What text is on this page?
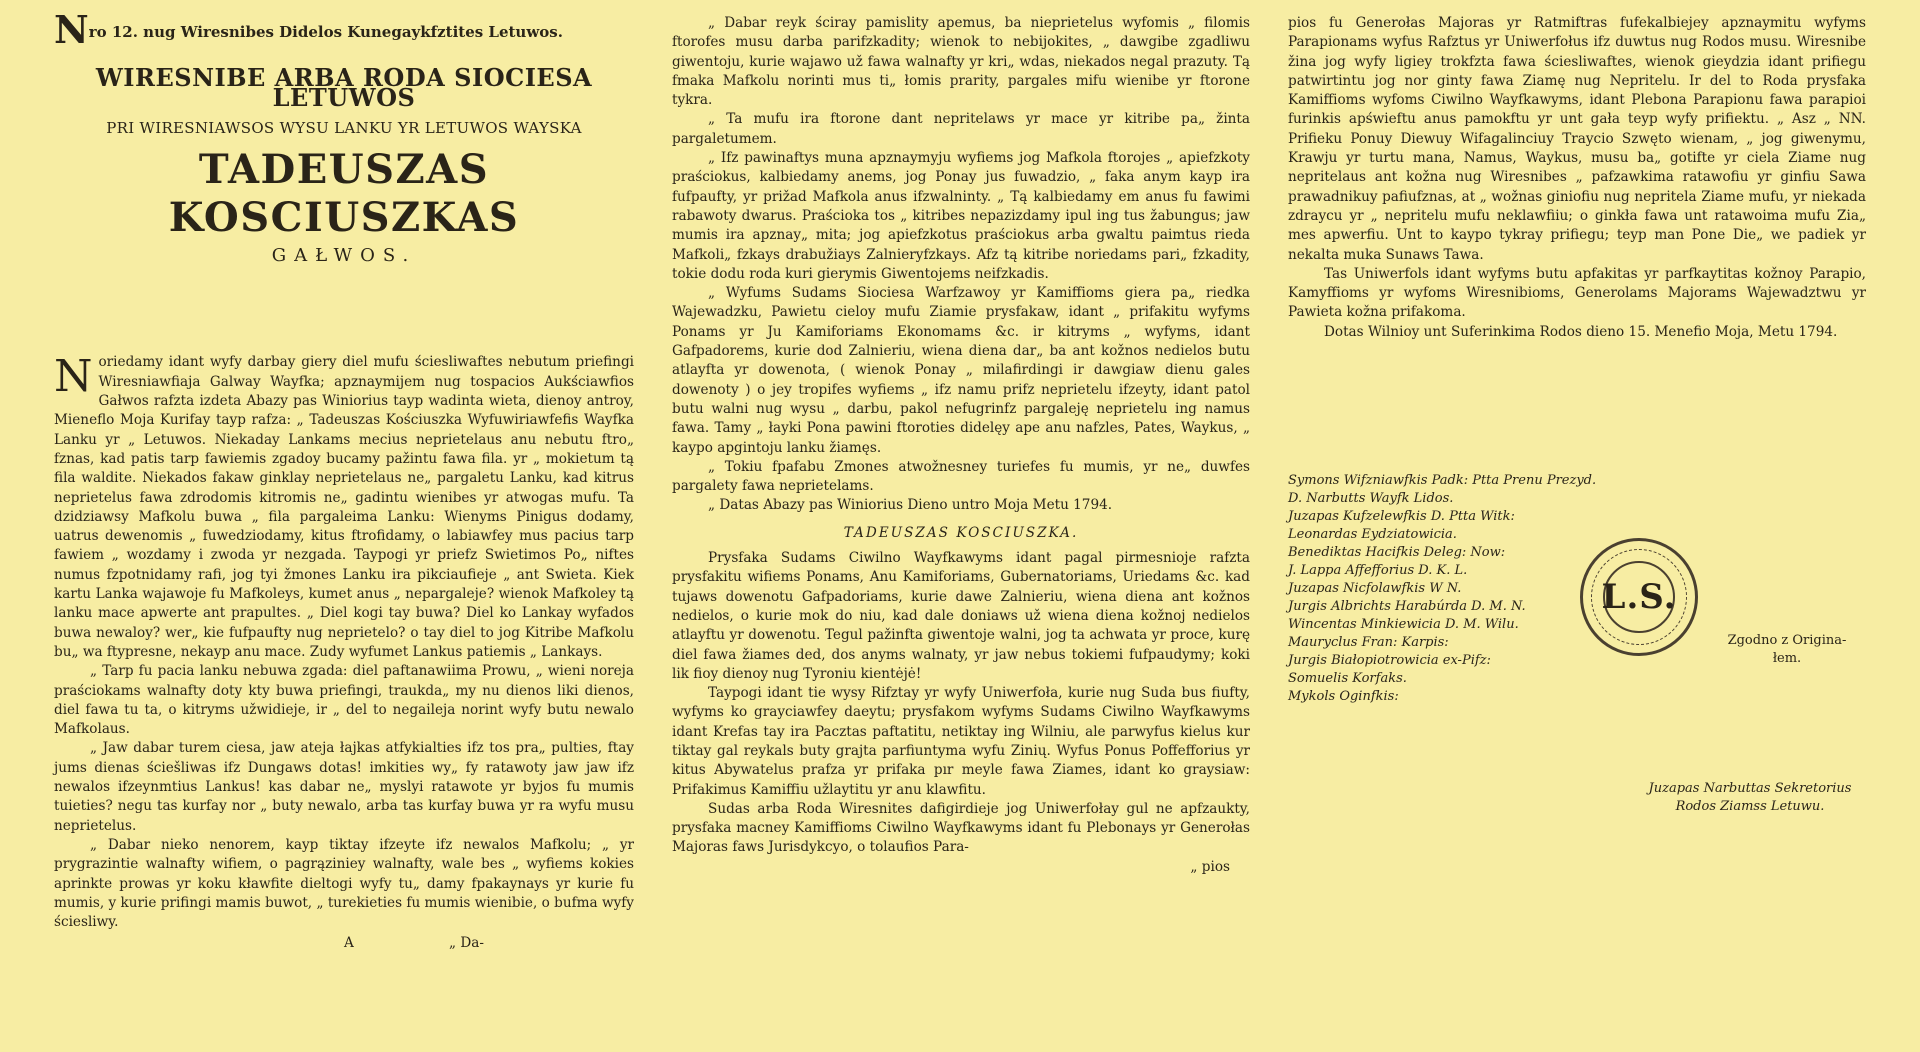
Nro 12. nug Wiresnibes Didelos Kunegaykfztites Letuwos.
WIRESNIBE ARBA RODA SIOCIESA LETUWOS
PRI WIRESNIAWSOS WYSU LANKU YR LETUWOS WAYSKA
TADEUSZAS KOSCIUSZKAS
GAŁWOS.
N oriedamy idant wyfy darbay giery diel mufu ściesliwaftes nebutum priefingi Wiresniawfiaja Galway Wayfka; apznaymijem nug tospacios Aukściawfios Gałwos rafzta izdeta Abazy pas Winiorius tayp wadinta wieta, dienoy antroy, Mieneflo Moja Kurifay tayp rafza: „ Tadeuszas Kościuszka Wyfuwiriawfefis Wayfka Lanku yr „ Letuwos. Niekaday Lankams mecius neprietelaus anu nebutu ftro„ fznas, kad patis tarp fawiemis zgadoy bucamy pažintu fawa fila. yr „ mokietum tą fila waldite. Niekados fakaw ginklay neprietelaus ne„ pargaletu Lanku, kad kitrus neprietelus fawa zdrodomis kitromis ne„ gadintu wienibes yr atwogas mufu. Ta dzidziawsy Mafkolu buwa „ fila pargaleima Lanku: Wienyms Pinigus dodamy, uatrus dewenomis „ fuwedziodamy, kitus ftrofidamy, o labiawfey mus pacius tarp fawiem „ wozdamy i zwoda yr nezgada. Taypogi yr priefz Swietimos Po„ niftes numus fzpotnidamy rafi, jog tyi žmones Lanku ira pikciaufieje „ ant Swieta. Kiek kartu Lanka wajawoje fu Mafkoleys, kumet anus „ nepargaleje? wienok Mafkoley tą lanku mace apwerte ant prapultes. „ Diel kogi tay buwa? Diel ko Lankay wyfados buwa newaloy? wer„ kie fufpaufty nug neprietelo? o tay diel to jog Kitribe Mafkolu bu„ wa ftypresne, nekayp anu mace. Zudy wyfumet Lankus patiemis „ Lankays.

„ Tarp fu pacia lanku nebuwa zgada: diel paftanawiima Prowu, „ wieni noreja praściokams walnafty doty kty buwa priefingi, traukda„ my nu dienos liki dienos, diel fawa tu ta, o kitryms užwidieje, ir „ del to negaileja norint wyfy butu newalo Mafkolaus.

„ Jaw dabar turem ciesa, jaw ateja łajkas atfykialties ifz tos pra„ pulties, ftay jums dienas ściešliwas ifz Dungaws dotas! imkities wy„ fy ratawoty jaw jaw ifz newalos ifzeynmtius Lankus! kas dabar ne„ myslyi ratawote yr byjos fu mumis tuieties? negu tas kurfay nor „ buty newalo, arba tas kurfay buwa yr ra wyfu musu neprietelus.

„ Dabar nieko nenorem, kayp tiktay ifzeyte ifz newalos Mafkolu; „ yr prygrazintie walnafty wifiem, o pagrąziniey walnafty, wale bes „ wyfiems kokies aprinkte prowas yr koku kławfite dieltogi wyfy tu„ damy fpakaynays yr kurie fu mumis, y kurie prifingi mamis buwot, „ turekieties fu mumis wienibie, o bufma wyfy ściesliwy.

A	„ Da-

„ Dabar reyk ściray pamislity apemus, ba nieprietelus wyfomis „ filomis ftorofes musu darba parifzkadity; wienok to nebijokites, „ dawgibe zgadliwu giwentoju, kurie wajawo už fawa walnafty yr kri„ wdas, niekados negal prazuty. Tą fmaka Mafkolu norinti mus ti„ łomis prarity, pargales mifu wienibe yr ftorone tykra.

„ Ta mufu ira ftorone dant nepritelaws yr mace yr kitribe pa„ žinta pargaletumem.

„ Ifz pawinaftys muna apznaymyju wyfiems jog Mafkola ftorojes „ apiefzkoty praściokus, kalbiedamy anems, jog Ponay jus fuwadzio, „ faka anym kayp ira fufpaufty, yr prižad Mafkola anus ifzwalninty. „ Tą kalbiedamy em anus fu fawimi rabawoty dwarus. Praścioka tos „ kitribes nepazizdamy ipul ing tus žabungus; jaw mumis ira apznay„ mita; jog apiefzkotus praściokus arba gwaltu paimtus rieda Mafkoli„ fzkays drabužiays Zalnieryfzkays. Afz tą kitribe noriedams pari„ fzkadity, tokie dodu roda kuri gierymis Giwentojems neifzkadis.

„ Wyfums Sudams Siociesa Warfzawoy yr Kamiffioms giera pa„ riedka Wajewadzku, Pawietu cieloy mufu Ziamie prysfakaw, idant „ prifakitu wyfyms Ponams yr Ju Kamiforiams Ekonomams &c. ir kitryms „ wyfyms, idant Gafpadorems, kurie dod Zalnieriu, wiena diena dar„ ba ant kožnos nedielos butu atlayfta yr dowenota, ( wienok Ponay „ milafirdingi ir dawgiaw dienu gales dowenoty ) o jey tropifes wyfiems „ ifz namu prifz neprietelu ifzeyty, idant patol butu walni nug wysu „ darbu, pakol nefugrinfz pargaleję neprietelu ing namus fawa. Tamy „ łayki Pona pawini ftoroties didelęy ape anu nafzles, Pates, Waykus, „ kaypo apgintoju lanku žiamęs.

„ Tokiu fpafabu Zmones atwožnesney turiefes fu mumis, yr ne„ duwfes pargalety fawa neprietelams.

„ Datas Abazy pas Winiorius Dieno untro Moja Metu 1794.

TADEUSZAS KOSCIUSZKA.

Prysfaka Sudams Ciwilno Wayfkawyms idant pagal pirmesnioje rafzta prysfakitu wifiems Ponams, Anu Kamiforiams, Gubernatoriams, Uriedams &c. kad tujaws dowenotu Gafpadoriams, kurie dawe Zalnieriu, wiena diena ant kožnos nedielos, o kurie mok do niu, kad dale doniaws už wiena diena kožnoj nedielos atlayftu yr dowenotu. Tegul pažinfta giwentoje walni, jog ta achwata yr proce, kurę diel fawa žiames ded, dos anyms walnaty, yr jaw nebus tokiemi fufpaudymy; koki lik fioy dienoy nug Tyroniu kientėjė!

Taypogi idant tie wysy Rifztay yr wyfy Uniwerfoła, kurie nug Suda bus fiufty, wyfyms ko grayciawfey daeytu; prysfakom wyfyms Sudams Ciwilno Wayfkawyms idant Krefas tay ira Pacztas paftatitu, netiktay ing Wilniu, ale parwyfus kielus kur tiktay gal reykals buty grajta parfiuntyma wyfu Zinių. Wyfus Ponus Poffefforius yr kitus Abywatelus prafza yr prifaka pır meyle fawa Ziames, idant ko graysiaw: Prifakimus Kamiffiu užlaytitu yr anu klawfitu.

Sudas arba Roda Wiresnites dafigirdieje jog Uniwerfołay gul ne apfzaukty, prysfaka macney Kamiffioms Ciwilno Wayfkawyms idant fu Plebonays yr Generołas Majoras faws Jurisdykcyo, o tolaufios Para-

„ pios

pios fu Generołas Majoras yr Ratmiftras fufekalbiejey apznaymitu wyfyms Parapionams wyfus Rafztus yr Uniwerfołus ifz duwtus nug Rodos musu. Wiresnibe žina jog wyfy ligiey trokfzta fawa ściesliwaftes, wienok gieydzia idant prifiegu patwirtintu jog nor ginty fawa Ziamę nug Nepritelu. Ir del to Roda prysfaka Kamiffioms wyfoms Ciwilno Wayfkawyms, idant Plebona Parapionu fawa parapioi furinkis apświeftu anus pamokftu yr unt gała teyp wyfy prifiektu. „ Asz „ NN. Prifieku Ponuy Diewuy Wifagalinciuy Traycio Szwęto wienam, „ jog giwenymu, Krawju yr turtu mana, Namus, Waykus, musu ba„ gotifte yr ciela Ziame nug nepritelaus ant kožna nug Wiresnibes „ pafzawkima ratawofiu yr ginfiu Sawa prawadnikuy pafiufznas, at „ wožnas giniofiu nug nepritela Ziame mufu, yr niekada zdraycu yr „ nepritelu mufu neklawfiiu; o ginkła fawa unt ratawoima mufu Zia„ mes apwerfiu. Unt to kaypo tykray prifiegu; teyp man Pone Die„ we padiek yr nekalta muka Sunaws Tawa.

Tas Uniwerfols idant wyfyms butu apfakitas yr parfkaytitas kožnoy Parapio, Kamyffioms yr wyfoms Wiresnibioms, Generolams Majorams Wajewadztwu yr Pawieta kožna prifakoma.

Dotas Wilnioy unt Suferinkima Rodos dieno 15. Menefio Moja, Metu 1794.

Symons Wifzniawfkis Padk: Ptta Prenu Prezyd.

D. Narbutts Wayfk Lidos.

Juzapas Kufzelewfkis D. Ptta Witk:

Leonardas Eydziatowicia.

Benediktas Hacifkis Deleg: Now:

J. Lappa Affefforius D. K. L.

Juzapas Nicfolawfkis W N.

Jurgis Albrichts Harabúrda D. M. N.

Wincentas Minkiewicia D. M. Wilu.

Mauryclus Fran: Karpis:

Jurgis Białopiotrowicia ex-Pifz:

Somuelis Korfaks.

Mykols Oginfkis:

L.S.
Zgodno z Origina-
łem.

Juzapas Narbuttas Sekretorius

Rodos Ziamss Letuwu.
